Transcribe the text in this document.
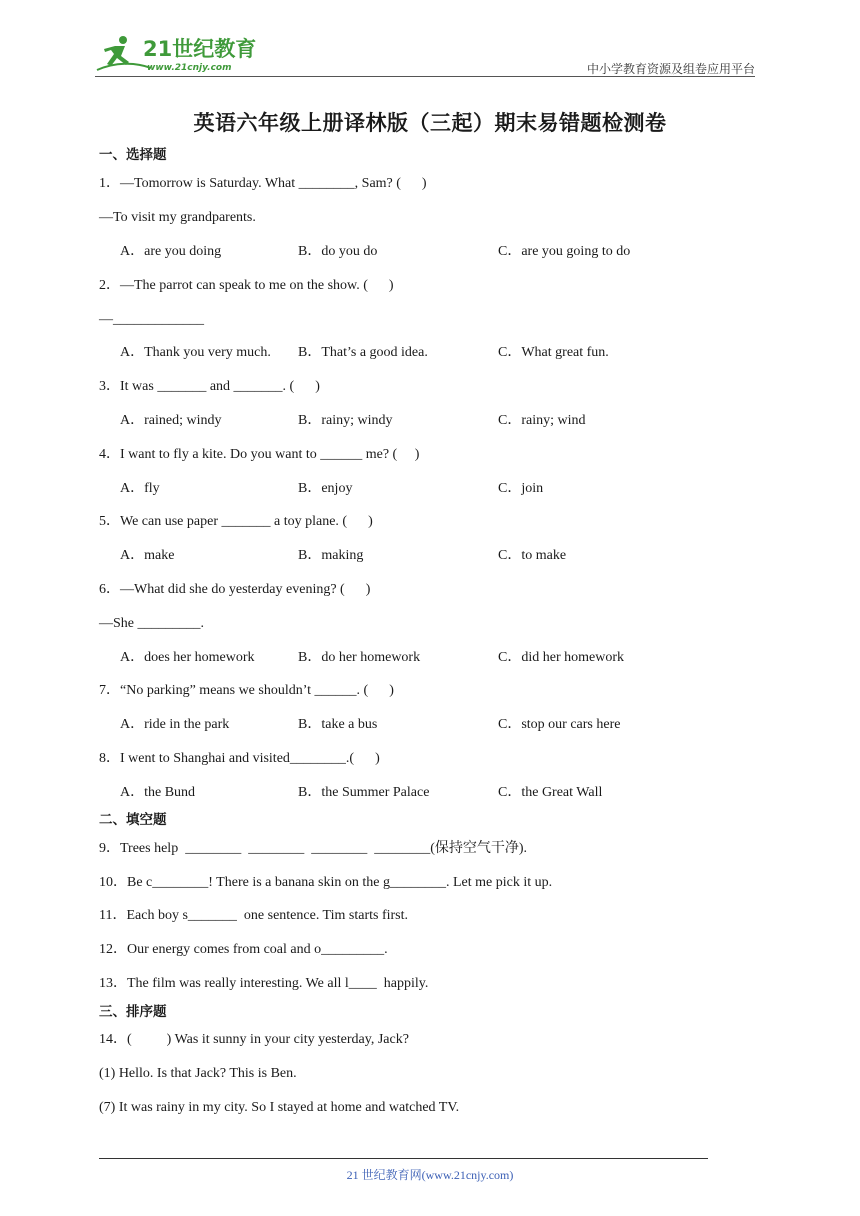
21世纪教育
www.21cnjy.com	中小学教育资源及组卷应用平台
英语六年级上册译林版（三起）期末易错题检测卷
一、选择题
1．—Tomorrow is Saturday. What ________, Sam? (      )
—To visit my grandparents.
A．are you doing	B．do you do	C．are you going to do
2．—The parrot can speak to me on the show. (      )
—_____________
A．Thank you very much. B．That’s a good idea.	C．What great fun.
3．It was _______ and _______. (      )
A．rained; windy	B．rainy; windy	C．rainy; wind
4．I want to fly a kite. Do you want to ______ me? (     )
A．fly	B．enjoy	C．join
5．We can use paper _______ a toy plane. (      )
A．make	B．making	C．to make
6．—What did she do yesterday evening? (      )
—She _________.
A．does her homework	B．do her homework	C．did her homework
7．“No parking” means we shouldn’t ______. (      )
A．ride in the park	B．take a bus	C．stop our cars here
8．I went to Shanghai and visited________.(      )
A．the Bund	B．the Summer Palace	C．the Great Wall
二、填空题
9．Trees help  ________  ________  ________  ________(保持空气干净).
10．Be c________! There is a banana skin on the g________. Let me pick it up.
11．Each boy s_______  one sentence. Tim starts first.
12．Our energy comes from coal and o_________.
13．The film was really interesting. We all l____  happily.
三、排序题
14．(          ) Was it sunny in your city yesterday, Jack?
(1) Hello. Is that Jack? This is Ben.
(7) It was rainy in my city. So I stayed at home and watched TV.
21 世纪教育网(www.21cnjy.com)
